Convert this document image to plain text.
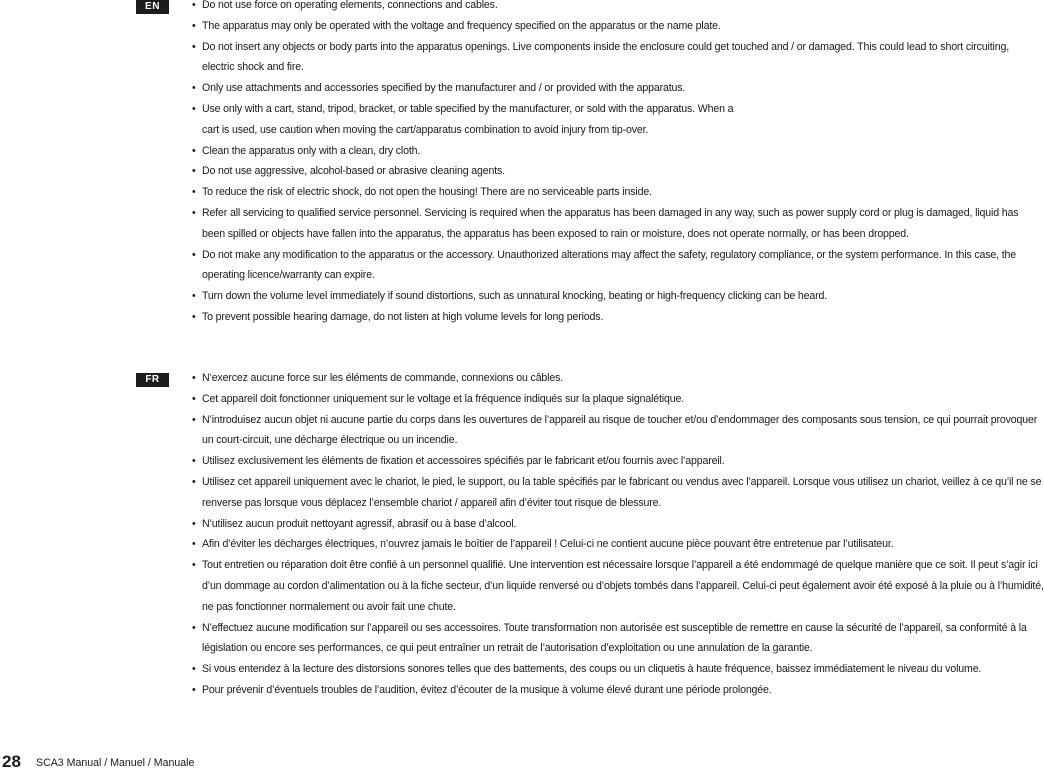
EN	• Do not use force on operating elements, connections and cables.
• The apparatus may only be operated with the voltage and frequency specified on the apparatus or the name plate.
• Do not insert any objects or body parts into the apparatus openings. Live components inside the enclosure could get touched and / or damaged. This could lead to short circuiting, electric shock and fire.
• Only use attachments and accessories specified by the manufacturer and / or provided with the apparatus.
• Use only with a cart, stand, tripod, bracket, or table specified by the manufacturer, or sold with the apparatus. When a cart is used, use caution when moving the cart/apparatus combination to avoid injury from tip-over.
• Clean the apparatus only with a clean, dry cloth.
• Do not use aggressive, alcohol-based or abrasive cleaning agents.
• To reduce the risk of electric shock, do not open the housing! There are no serviceable parts inside.
• Refer all servicing to qualified service personnel. Servicing is required when the apparatus has been damaged in any way, such as power supply cord or plug is damaged, liquid has been spilled or objects have fallen into the apparatus, the apparatus has been exposed to rain or moisture, does not operate normally, or has been dropped.
• Do not make any modification to the apparatus or the accessory. Unauthorized alterations may affect the safety, regulatory compliance, or the system performance. In this case, the operating licence/warranty can expire.
• Turn down the volume level immediately if sound distortions, such as unnatural knocking, beating or high-frequency clicking can be heard.
• To prevent possible hearing damage, do not listen at high volume levels for long periods.
FR	• N’exercez aucune force sur les éléments de commande, connexions ou câbles.
• Cet appareil doit fonctionner uniquement sur le voltage et la fréquence indiqués sur la plaque signalétique.
• N’introduisez aucun objet ni aucune partie du corps dans les ouvertures de l’appareil au risque de toucher et/ou d’endommager des composants sous tension, ce qui pourrait provoquer un court-circuit, une décharge électrique ou un incendie.
• Utilisez exclusivement les éléments de fixation et accessoires spécifiés par le fabricant et/ou fournis avec l’appareil.
• Utilisez cet appareil uniquement avec le chariot, le pied, le support, ou la table spécifiés par le fabricant ou vendus avec l’appareil. Lorsque vous utilisez un chariot, veillez à ce qu’il ne se renverse pas lorsque vous déplacez l’ensemble chariot / appareil afin d’éviter tout risque de blessure.
• N’utilisez aucun produit nettoyant agressif, abrasif ou à base d’alcool.
• Afin d’éviter les décharges électriques, n’ouvrez jamais le boîtier de l’appareil ! Celui-ci ne contient aucune pièce pouvant être entretenue par l’utilisateur.
• Tout entretien ou réparation doit être confié à un personnel qualifié. Une intervention est nécessaire lorsque l’appareil a été endommagé de quelque manière que ce soit. Il peut s’agir ici d’un dommage au cordon d’alimentation ou à la fiche secteur, d’un liquide renversé ou d’objets tombés dans l’appareil. Celui-ci peut également avoir été exposé à la pluie ou à l’humidité, ne pas fonctionner normalement ou avoir fait une chute.
• N’effectuez aucune modification sur l’appareil ou ses accessoires. Toute transformation non autorisée est susceptible de remettre en cause la sécurité de l’appareil, sa conformité à la législation ou encore ses performances, ce qui peut entraîner un retrait de l’autorisation d’exploitation ou une annulation de la garantie.
• Si vous entendez à la lecture des distorsions sonores telles que des battements, des coups ou un cliquetis à haute fréquence, baissez immédiatement le niveau du volume.
• Pour prévenir d’éventuels troubles de l’audition, évitez d’écouter de la musique à volume élevé durant une période prolongée.
28 SCA3 Manual / Manuel / Manuale
